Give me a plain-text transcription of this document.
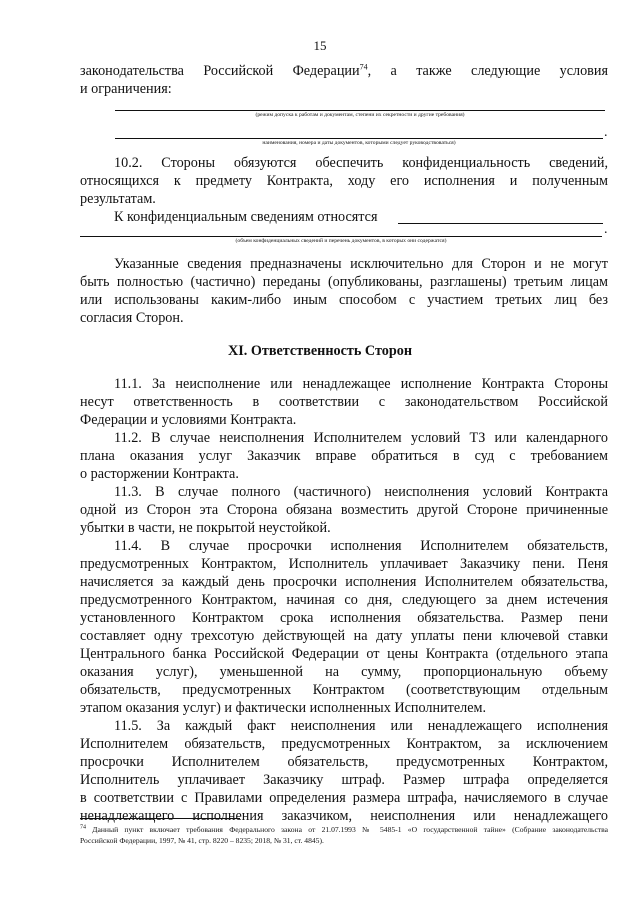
15
законодательства Российской Федерации$^{74}$, а также следующие условия
и ограничения:
(режим допуска к работам и документам, степени их секретности и другие требования)
.
наименования, номера и даты документов, которыми следует руководствоваться)
10.2. Стороны обязуются обеспечить конфиденциальность сведений,
относящихся к предмету Контракта, ходу его исполнения и полученным
результатам.
К конфиденциальным сведениям относятся
.
(объем конфиденциальных сведений и перечень документов, в которых они содержатся)
Указанные сведения предназначены исключительно для Сторон и не могут
быть полностью (частично) переданы (опубликованы, разглашены) третьим лицам
или использованы каким-либо иным способом с участием третьих лиц без
согласия Сторон.
XI. Ответственность Сторон
11.1. За неисполнение или ненадлежащее исполнение Контракта Стороны
несут ответственность в соответствии с законодательством Российской
Федерации и условиями Контракта.
11.2. В случае неисполнения Исполнителем условий ТЗ или календарного
плана оказания услуг Заказчик вправе обратиться в суд с требованием
о расторжении Контракта.
11.3. В случае полного (частичного) неисполнения условий Контракта
одной из Сторон эта Сторона обязана возместить другой Стороне причиненные
убытки в части, не покрытой неустойкой.
11.4. В случае просрочки исполнения Исполнителем обязательств,
предусмотренных Контрактом, Исполнитель уплачивает Заказчику пени. Пеня
начисляется за каждый день просрочки исполнения Исполнителем обязательства,
предусмотренного Контрактом, начиная со дня, следующего за днем истечения
установленного Контрактом срока исполнения обязательства. Размер пени
составляет одну трехсотую действующей на дату уплаты пени ключевой ставки
Центрального банка Российской Федерации от цены Контракта (отдельного этапа
оказания услуг), уменьшенной на сумму, пропорциональную объему
обязательств, предусмотренных Контрактом (соответствующим отдельным
этапом оказания услуг) и фактически исполненных Исполнителем.
11.5. За каждый факт неисполнения или ненадлежащего исполнения
Исполнителем обязательств, предусмотренных Контрактом, за исключением
просрочки Исполнителем обязательств, предусмотренных Контрактом,
Исполнитель уплачивает Заказчику штраф. Размер штрафа определяется
в соответствии с Правилами определения размера штрафа, начисляемого в случае
ненадлежащего исполнения заказчиком, неисполнения или ненадлежащего
$^{74}$ Данный пункт включает требования Федерального закона от 21.07.1993 № 5485-1 «О государственной тайне» (Собрание законодательства
Российской Федерации, 1997, № 41, стр. 8220 – 8235; 2018, № 31, ст. 4845).
